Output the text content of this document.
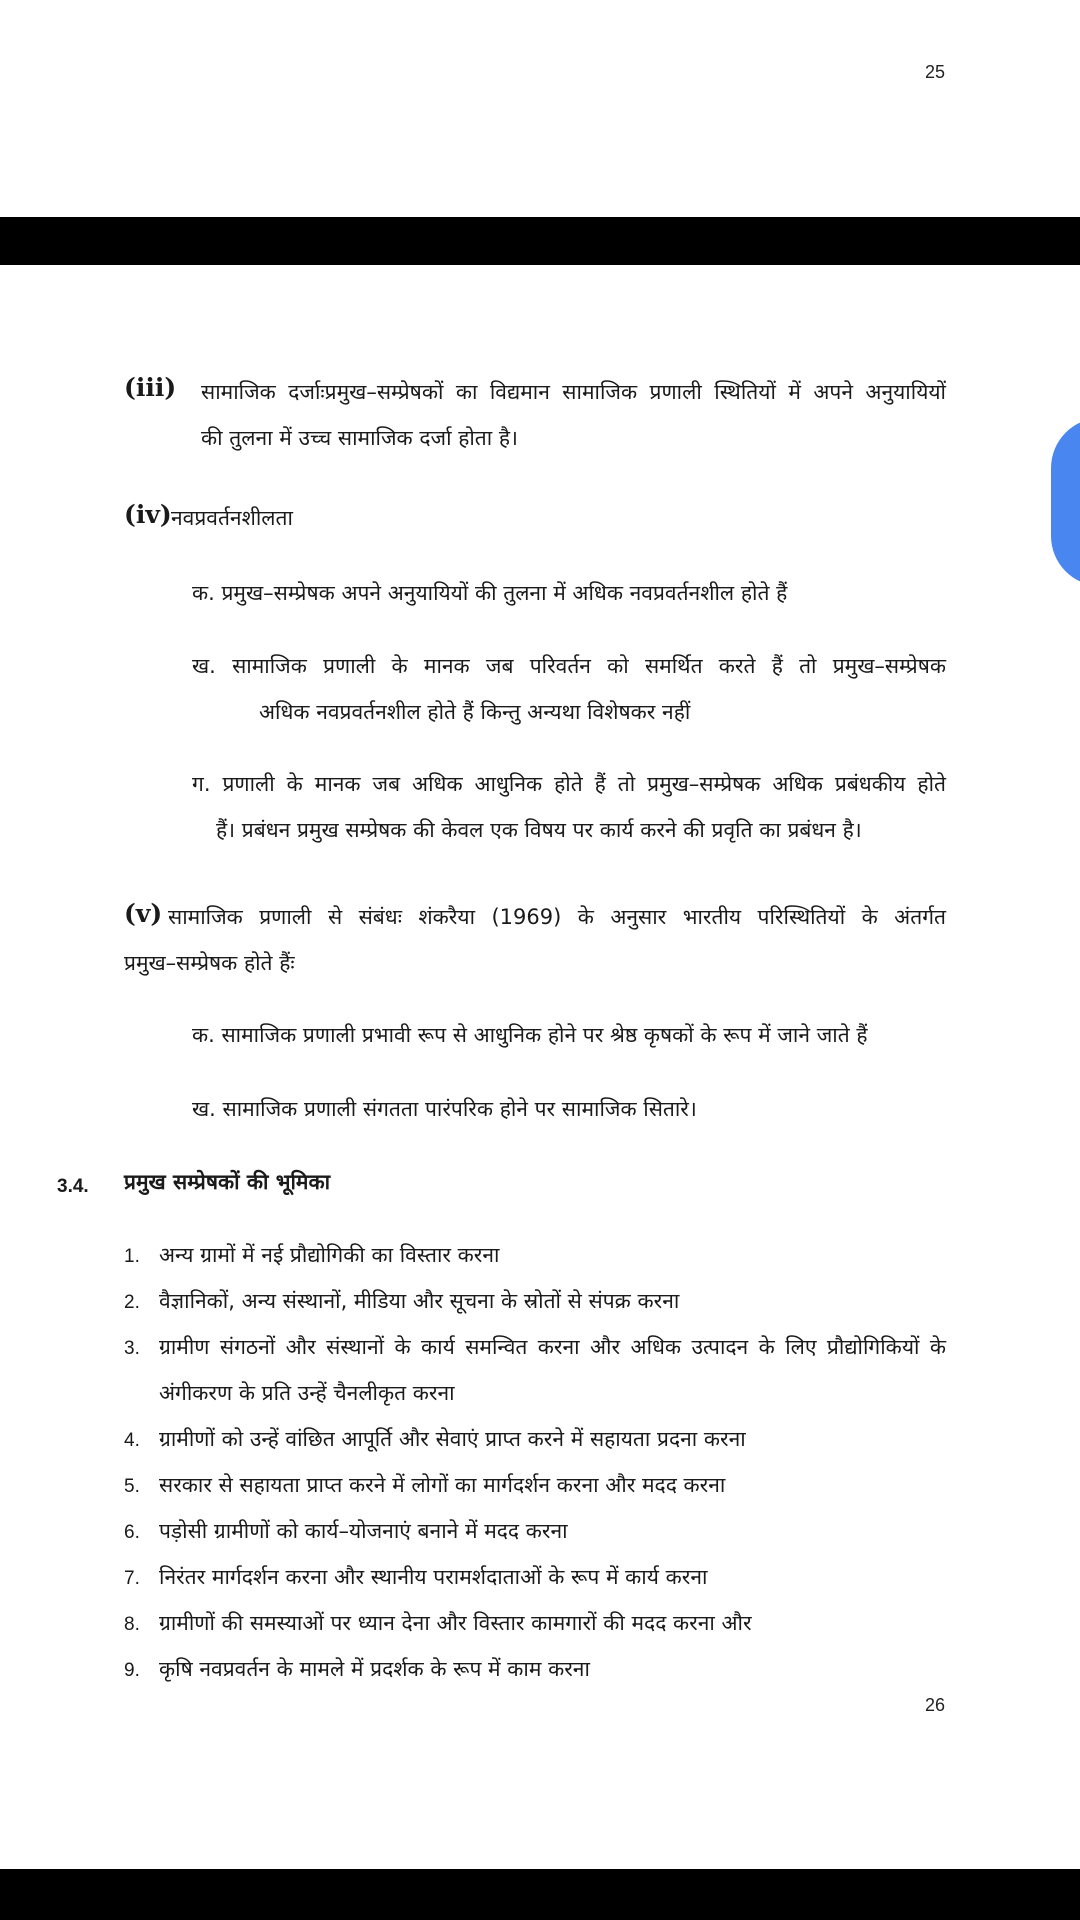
25
(iii) सामाजिक दर्जाःप्रमुख–सम्प्रेषकों का विद्यमान सामाजिक प्रणाली स्थितियों में अपने अनुयायियों
की तुलना में उच्च सामाजिक दर्जा होता है।
(iv) नवप्रवर्तनशीलता
क. प्रमुख–सम्प्रेषक अपने अनुयायियों की तुलना में अधिक नवप्रवर्तनशील होते हैं
ख. सामाजिक प्रणाली के मानक जब परिवर्तन को समर्थित करते हैं तो प्रमुख–सम्प्रेषक
अधिक नवप्रवर्तनशील होते हैं किन्तु अन्यथा विशेषकर नहीं
ग. प्रणाली के मानक जब अधिक आधुनिक होते हैं तो प्रमुख–सम्प्रेषक अधिक प्रबंधकीय होते
हैं। प्रबंधन प्रमुख सम्प्रेषक की केवल एक विषय पर कार्य करने की प्रवृति का प्रबंधन है।
(v) सामाजिक प्रणाली से संबंधः शंकरैया (1969) के अनुसार भारतीय परिस्थितियों के अंतर्गत
प्रमुख–सम्प्रेषक होते हैंः
क. सामाजिक प्रणाली प्रभावी रूप से आधुनिक होने पर श्रेष्ठ कृषकों के रूप में जाने जाते हैं
ख. सामाजिक प्रणाली संगतता पारंपरिक होने पर सामाजिक सितारे।
3.4. प्रमुख सम्प्रेषकों की भूमिका
1. अन्य ग्रामों में नई प्रौद्योगिकी का विस्तार करना
2. वैज्ञानिकों, अन्य संस्थानों, मीडिया और सूचना के स्रोतों से संपक्र करना
3. ग्रामीण संगठनों और संस्थानों के कार्य समन्वित करना और अधिक उत्पादन के लिए प्रौद्योगिकियों के
अंगीकरण के प्रति उन्हें चैनलीकृत करना
4. ग्रामीणों को उन्हें वांछित आपूर्ति और सेवाएं प्राप्त करने में सहायता प्रदना करना
5. सरकार से सहायता प्राप्त करने में लोगों का मार्गदर्शन करना और मदद करना
6. पड़ोसी ग्रामीणों को कार्य–योजनाएं बनाने में मदद करना
7. निरंतर मार्गदर्शन करना और स्थानीय परामर्शदाताओं के रूप में कार्य करना
8. ग्रामीणों की समस्याओं पर ध्यान देना और विस्तार कामगारों की मदद करना और
9. कृषि नवप्रवर्तन के मामले में प्रदर्शक के रूप में काम करना
26
